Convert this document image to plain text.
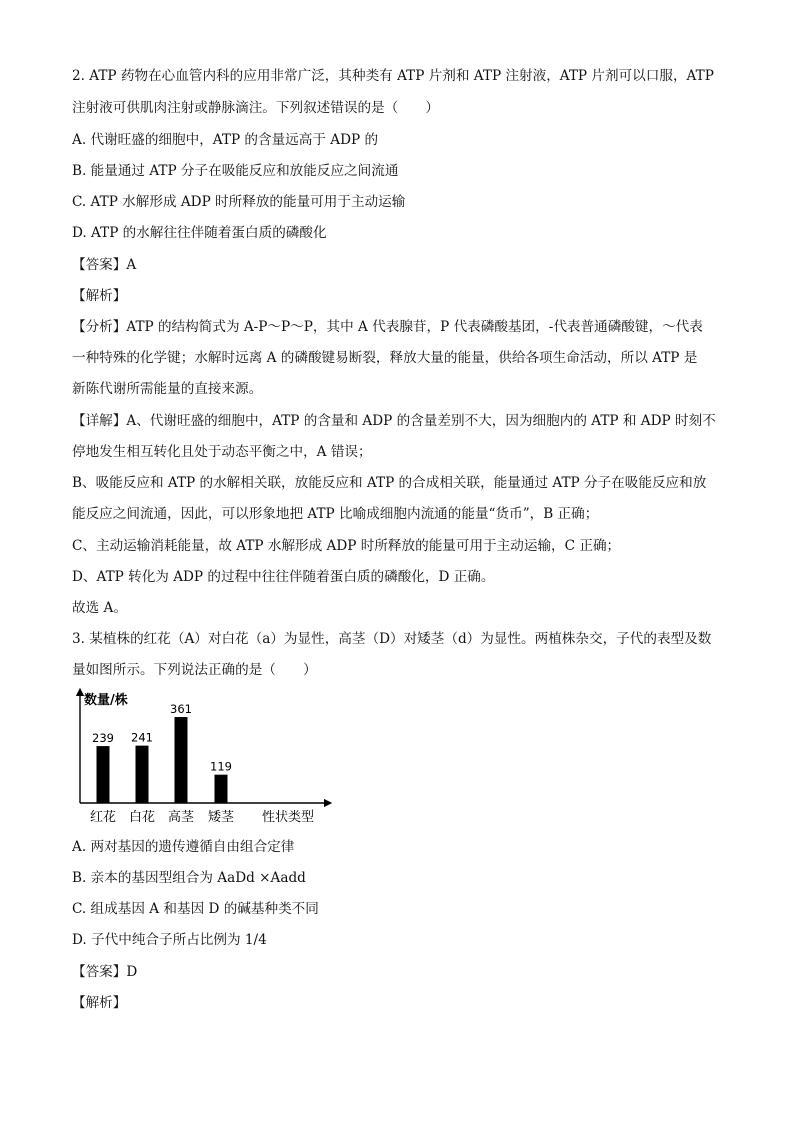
2. ATP 药物在心血管内科的应用非常广泛，其种类有 ATP 片剂和 ATP 注射液，ATP 片剂可以口服，ATP
注射液可供肌肉注射或静脉滴注。下列叙述错误的是（　　）
A. 代谢旺盛的细胞中，ATP 的含量远高于 ADP 的
B. 能量通过 ATP 分子在吸能反应和放能反应之间流通
C. ATP 水解形成 ADP 时所释放的能量可用于主动运输
D. ATP 的水解往往伴随着蛋白质的磷酸化
【答案】A
【解析】
【分析】ATP 的结构简式为 A-P～P～P，其中 A 代表腺苷，P 代表磷酸基团，-代表普通磷酸键，～代表
一种特殊的化学键；水解时远离 A 的磷酸键易断裂，释放大量的能量，供给各项生命活动，所以 ATP 是
新陈代谢所需能量的直接来源。
【详解】A、代谢旺盛的细胞中，ATP 的含量和 ADP 的含量差别不大，因为细胞内的 ATP 和 ADP 时刻不
停地发生相互转化且处于动态平衡之中，A 错误；
B、吸能反应和 ATP 的水解相关联，放能反应和 ATP 的合成相关联，能量通过 ATP 分子在吸能反应和放
能反应之间流通，因此，可以形象地把 ATP 比喻成细胞内流通的能量“货币”，B 正确；
C、主动运输消耗能量，故 ATP 水解形成 ADP 时所释放的能量可用于主动运输，C 正确；
D、ATP 转化为 ADP 的过程中往往伴随着蛋白质的磷酸化，D 正确。
故选 A。
3. 某植株的红花（A）对白花（a）为显性，高茎（D）对矮茎（d）为显性。两植株杂交，子代的表型及数
量如图所示。下列说法正确的是（　　）
数量/株
性状类型
239
红花
241
白花
361
高茎
119
矮茎
A. 两对基因的遗传遵循自由组合定律
B. 亲本的基因型组合为 AaDd ×Aadd
C. 组成基因 A 和基因 D 的碱基种类不同
D. 子代中纯合子所占比例为 1/4
【答案】D
【解析】
